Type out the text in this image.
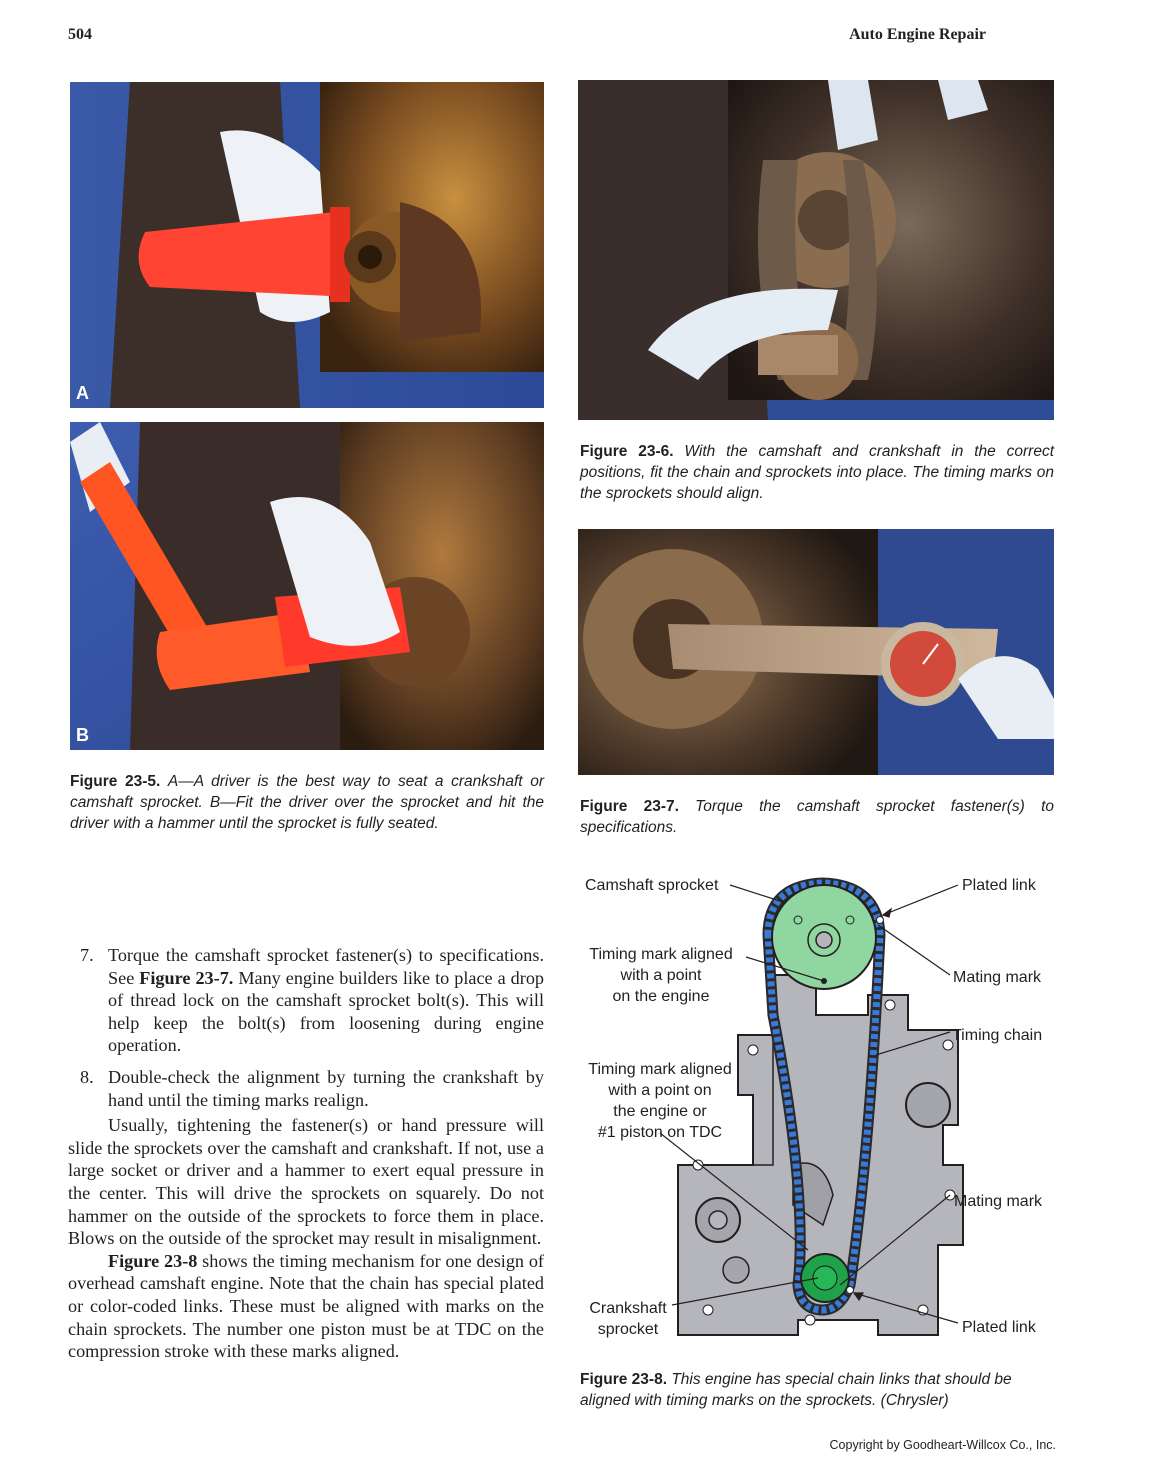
504	Auto Engine Repair
A
B
Figure 23-5. A—A driver is the best way to seat a crankshaft or camshaft sprocket. B—Fit the driver over the sprocket and hit the driver with a hammer until the sprocket is fully seated.
Figure 23-6. With the camshaft and crankshaft in the correct positions, fit the chain and sprockets into place. The timing marks on the sprockets should align.
Figure 23-7. Torque the camshaft sprocket fastener(s) to specifications.
Camshaft sprocket	Plated link
Timing mark aligned
with a point
on the engine
Mating mark
Timing chain
Timing mark aligned
with a point on
the engine or
#1 piston on TDC
Mating mark
Crankshaft
sprocket	Plated link
Figure 23-8. This engine has special chain links that should be aligned with timing marks on the sprockets. (Chrysler)
7. Torque the camshaft sprocket fastener(s) to specifications. See Figure 23-7. Many engine builders like to place a drop of thread lock on the camshaft sprocket bolt(s). This will help keep the bolt(s) from loosening during engine operation.
8. Double-check the alignment by turning the crankshaft by hand until the timing marks realign.

Usually, tightening the fastener(s) or hand pressure will slide the sprockets over the camshaft and crankshaft. If not, use a large socket or driver and a hammer to exert equal pressure in the center. This will drive the sprockets on squarely. Do not hammer on the outside of the sprockets to force them in place. Blows on the outside of the sprocket may result in misalignment.

Figure 23-8 shows the timing mechanism for one design of overhead camshaft engine. Note that the chain has special plated or color-coded links. These must be aligned with marks on the chain sprockets. The number one piston must be at TDC on the compression stroke with these marks aligned.

Copyright by Goodheart-Willcox Co., Inc.
